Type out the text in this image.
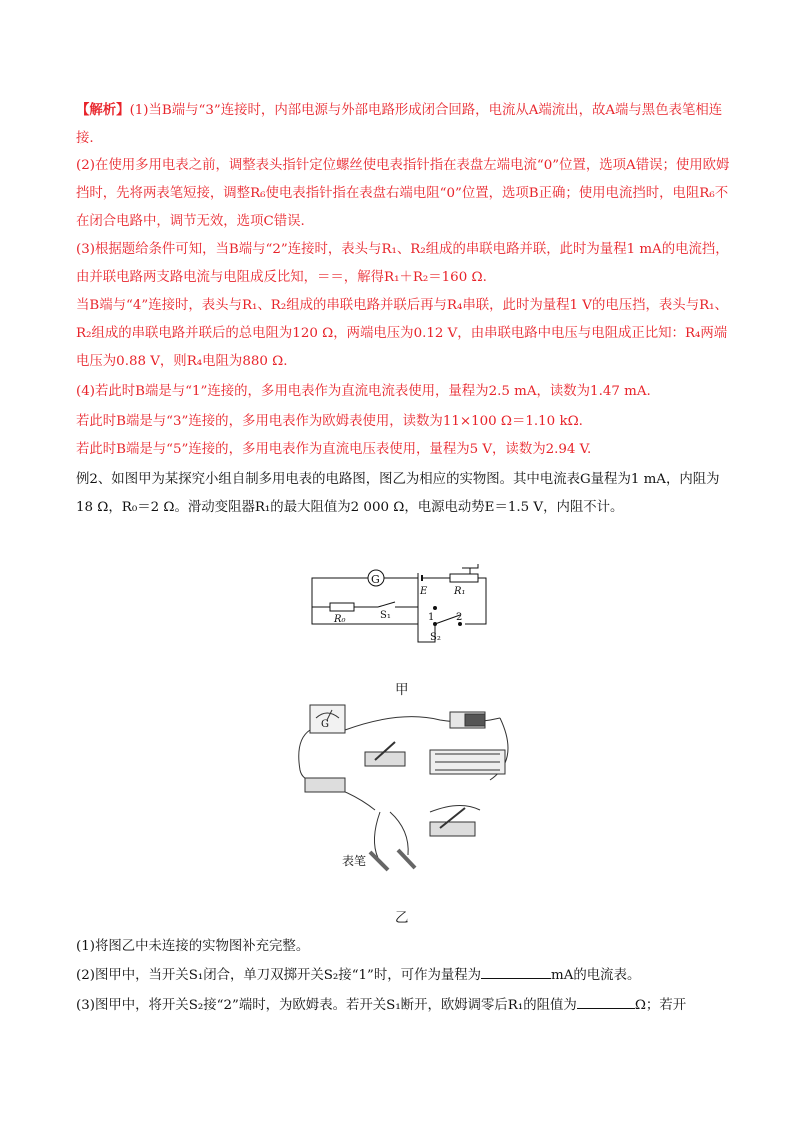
【解析】(1)当B端与“3”连接时，内部电源与外部电路形成闭合回路，电流从A端流出，故A端与黑色表笔相连接.

(2)在使用多用电表之前，调整表头指针定位螺丝使电表指针指在表盘左端电流“0”位置，选项A错误；使用欧姆挡时，先将两表笔短接，调整R₆使电表指针指在表盘右端电阻“0”位置，选项B正确；使用电流挡时，电阻R₆不在闭合电路中，调节无效，选项C错误.

(3)根据题给条件可知，当B端与“2”连接时，表头与R₁、R₂组成的串联电路并联，此时为量程1 mA的电流挡，由并联电路两支路电流与电阻成反比知，＝＝，解得R₁＋R₂＝160 Ω.

当B端与“4”连接时，表头与R₁、R₂组成的串联电路并联后再与R₄串联，此时为量程1 V的电压挡，表头与R₁、R₂组成的串联电路并联后的总电阻为120 Ω，两端电压为0.12 V，由串联电路中电压与电阻成正比知：R₄两端电压为0.88 V，则R₄电阻为880 Ω.

(4)若此时B端是与“1”连接的，多用电表作为直流电流表使用，量程为2.5 mA，读数为1.47 mA.

若此时B端是与“3”连接的，多用电表作为欧姆表使用，读数为11×100 Ω＝1.10 kΩ.

若此时B端是与“5”连接的，多用电表作为直流电压表使用，量程为5 V，读数为2.94 V.

例2、如图甲为某探究小组自制多用电表的电路图，图乙为相应的实物图。其中电流表G量程为1 mA，内阻为18 Ω，R₀＝2 Ω。滑动变阻器R₁的最大阻值为2 000 Ω，电源电动势E＝1.5 V，内阻不计。

G
E	R₁
R₀	S₁	1 2
S₂
甲
G
表笔
乙

(1)将图乙中未连接的实物图补充完整。

(2)图甲中，当开关S₁闭合，单刀双掷开关S₂接“1”时，可作为量程为	mA的电流表。

(3)图甲中，将开关S₂接“2”端时，为欧姆表。若开关S₁断开，欧姆调零后R₁的阻值为	Ω；若开
